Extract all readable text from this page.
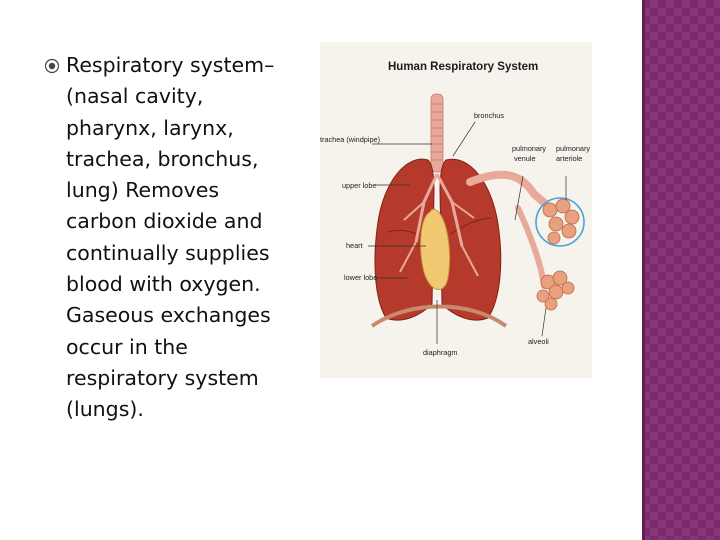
Respiratory system–
(nasal cavity,
pharynx, larynx,
trachea, bronchus,
lung) Removes
carbon dioxide and
continually supplies
blood with oxygen.
Gaseous exchanges
occur in the
respiratory system
(lungs).
Human Respiratory System
bronchus
trachea (windpipe)
upper lobe
heart
lower lobe
diaphragm
pulmonary
venule
pulmonary
arteriole
alveoli
